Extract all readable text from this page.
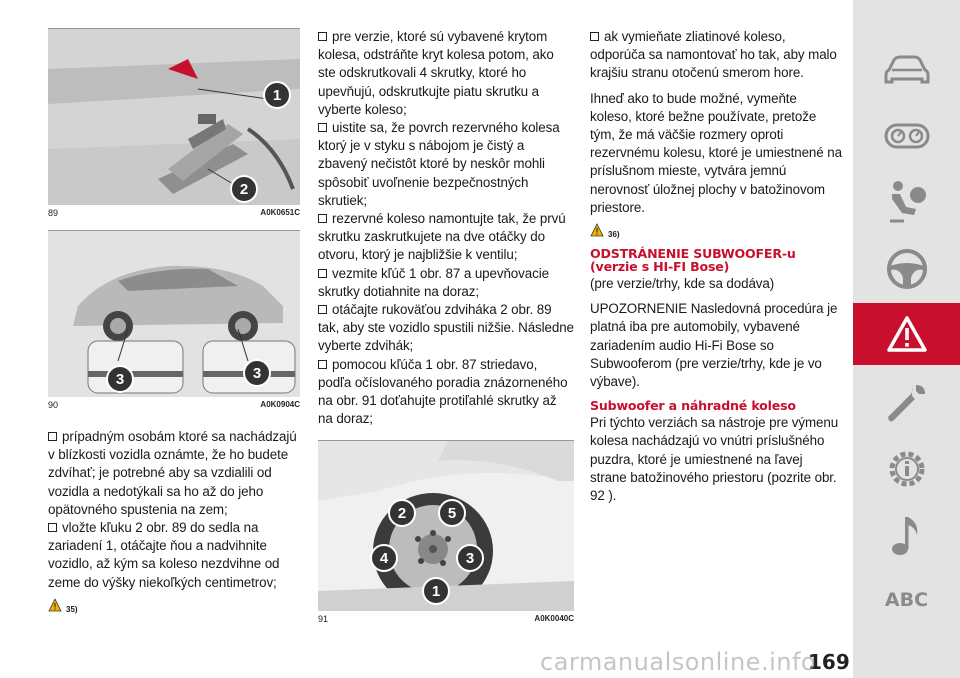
1
2
89	A0K0651C
3	3
90	A0K0904C

prípadným osobám ktoré sa nachádzajú v blízkosti vozidla oznámte, že ho budete zdvíhať; je potrebné aby sa vzdialili od vozidla a nedotýkali sa ho až do jeho opätovného spustenia na zem;

vložte kľuku 2 obr. 89 do sedla na zariadení 1, otáčajte ňou a nadvihnite vozidlo, až kým sa koleso nezdvihne od zeme do výšky niekoľkých centimetrov;

35)

pre verzie, ktoré sú vybavené krytom kolesa, odstráňte kryt kolesa potom, ako ste odskrutkovali 4 skrutky, ktoré ho upevňujú, odskrutkujte piatu skrutku a vyberte koleso;

uistite sa, že povrch rezervného kolesa ktorý je v styku s nábojom je čistý a zbavený nečistôt ktoré by neskôr mohli spôsobiť uvoľnenie bezpečnostných skrutiek;

rezervné koleso namontujte tak, že prvú skrutku zaskrutkujete na dve otáčky do otvoru, ktorý je najbližšie k ventilu;

vezmite kľúč 1 obr. 87 a upevňovacie skrutky dotiahnite na doraz;

otáčajte rukoväťou zdviháka 2 obr. 89 tak, aby ste vozidlo spustili nižšie. Následne vyberte zdvihák;

pomocou kľúča 1 obr. 87 striedavo, podľa očíslovaného poradia znázorneného na obr. 91 doťahujte protiľahlé skrutky až na doraz;

2	5
4	3
1
91	A0K0040C

ak vymieňate zliatinové koleso, odporúča sa namontovať ho tak, aby malo krajšiu stranu otočenú smerom hore.

Ihneď ako to bude možné, vymeňte koleso, ktoré bežne používate, pretože tým, že má väčšie rozmery oproti rezervnému kolesu, ktoré je umiestnené na príslušnom mieste, vytvára jemnú nerovnosť úložnej plochy v batožinovom priestore.

36)
ODSTRÁNENIE SUBWOOFER-u (verzie s HI-FI Bose)

(pre verzie/trhy, kde sa dodáva)

UPOZORNENIE Nasledovná procedúra je platná iba pre automobily, vybavené zariadením audio Hi-Fi Bose so Subwooferom (pre verzie/trhy, kde je vo výbave).

Subwoofer a náhradné koleso

Pri týchto verziách sa nástroje pre výmenu kolesa nachádzajú vo vnútri príslušného puzdra, ktoré je umiestnené na ľavej strane batožinového priestoru (pozrite obr. 92 ).

ABC
169
carmanualsonline.info
